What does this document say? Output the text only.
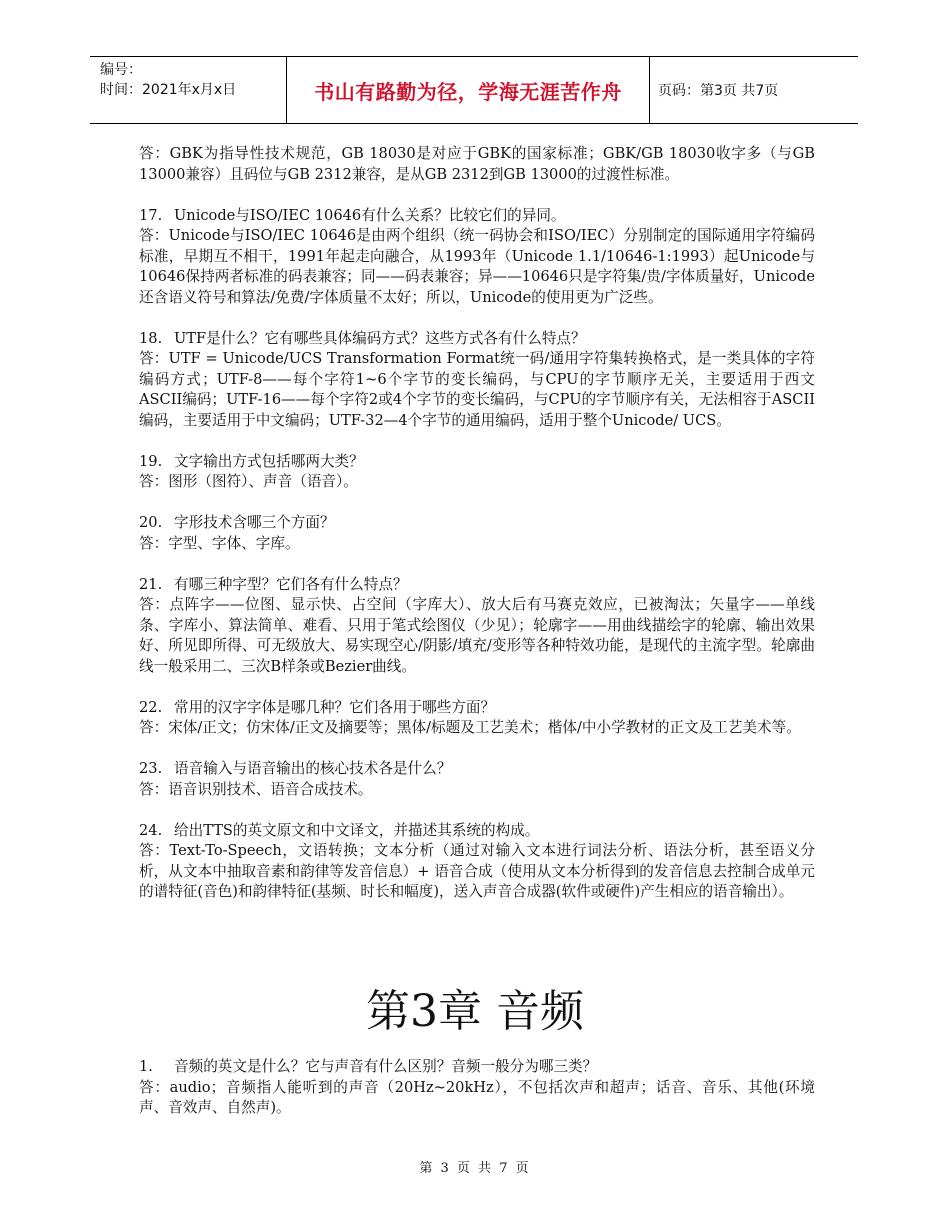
编号：
时间：2021年x月x日	书山有路勤为径，学海无涯苦作舟	页码：第3页 共7页

答：GBK为指导性技术规范，GB 18030是对应于GBK的国家标准；GBK/GB 18030收字多（与GB 13000兼容）且码位与GB 2312兼容，是从GB 2312到GB 13000的过渡性标准。

17. Unicode与ISO/IEC 10646有什么关系？比较它们的异同。

答：Unicode与ISO/IEC 10646是由两个组织（统一码协会和ISO/IEC）分别制定的国际通用字符编码标准，早期互不相干，1991年起走向融合，从1993年（Unicode 1.1/10646-1:1993）起Unicode与10646保持两者标准的码表兼容；同——码表兼容；异——10646只是字符集/贵/字体质量好，Unicode还含语义符号和算法/免费/字体质量不太好；所以，Unicode的使用更为广泛些。

18. UTF是什么？它有哪些具体编码方式？这些方式各有什么特点？

答：UTF = Unicode/UCS Transformation Format统一码/通用字符集转换格式，是一类具体的字符编码方式；UTF-8——每个字符1~6个字节的变长编码，与CPU的字节顺序无关，主要适用于西文ASCII编码；UTF-16——每个字符2或4个字节的变长编码，与CPU的字节顺序有关，无法相容于ASCII编码，主要适用于中文编码；UTF-32—4个字节的通用编码，适用于整个Unicode/ UCS。

19. 文字输出方式包括哪两大类？

答：图形（图符）、声音（语音）。

20. 字形技术含哪三个方面？

答：字型、字体、字库。

21. 有哪三种字型？它们各有什么特点？

答：点阵字——位图、显示快、占空间（字库大）、放大后有马赛克效应，已被淘汰；矢量字——单线条、字库小、算法简单、难看、只用于笔式绘图仪（少见）；轮廓字——用曲线描绘字的轮廓、输出效果好、所见即所得、可无级放大、易实现空心/阴影/填充/变形等各种特效功能，是现代的主流字型。轮廓曲线一般采用二、三次B样条或Bezier曲线。

22. 常用的汉字字体是哪几种？它们各用于哪些方面？

答：宋体/正文；仿宋体/正文及摘要等；黑体/标题及工艺美术；楷体/中小学教材的正文及工艺美术等。

23. 语音输入与语音输出的核心技术各是什么？

答：语音识别技术、语音合成技术。

24. 给出TTS的英文原文和中文译文，并描述其系统的构成。

答：Text-To-Speech，文语转换；文本分析（通过对输入文本进行词法分析、语法分析，甚至语义分析，从文本中抽取音素和韵律等发音信息）+ 语音合成（使用从文本分析得到的发音信息去控制合成单元的谱特征(音色)和韵律特征(基频、时长和幅度)，送入声音合成器(软件或硬件)产生相应的语音输出）。

第3章 音频

1. 音频的英文是什么？它与声音有什么区别？音频一般分为哪三类？

答：audio；音频指人能听到的声音（20Hz~20kHz），不包括次声和超声；话音、音乐、其他(环境声、音效声、自然声)。

第 3 页 共 7 页
